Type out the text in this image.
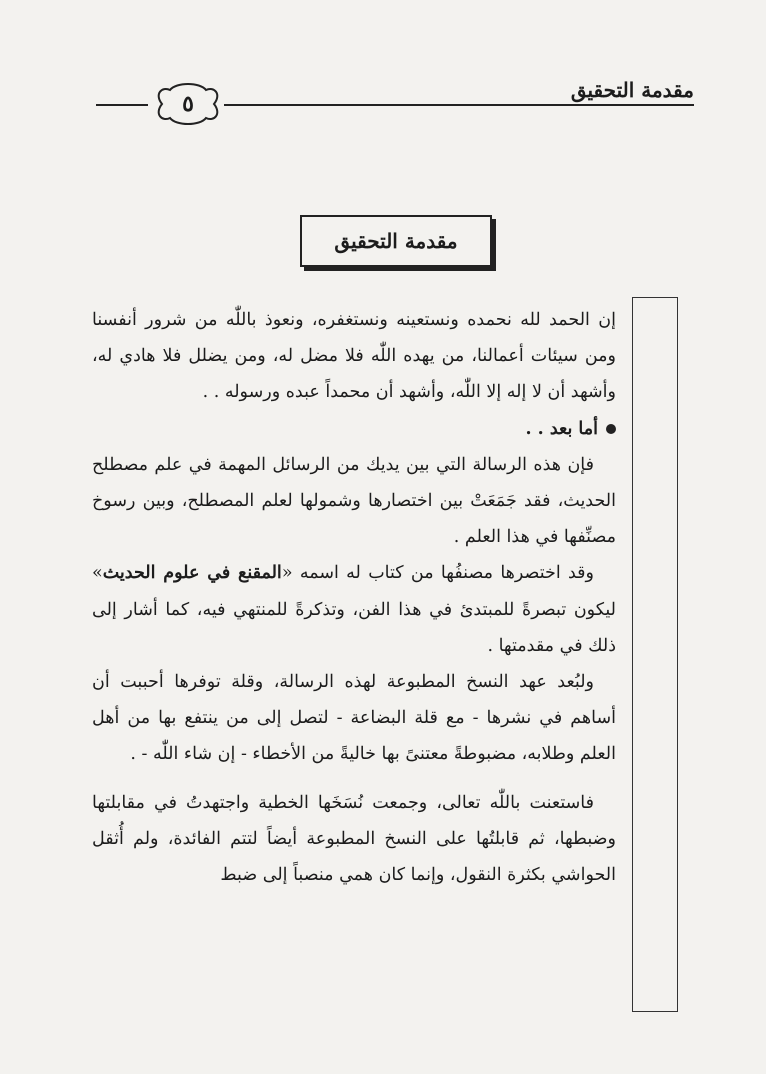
٥
مقدمة التحقيق
مقدمة التحقيق

إن الحمد لله نحمده ونستعينه ونستغفره، ونعوذ باللّٰه من شرور أنفسنا ومن سيئات أعمالنا، من يهده اللّٰه فلا مضل له، ومن يضلل فلا هادي له، وأشهد أن لا إله إلا اللّٰه، وأشهد أن محمداً عبده ورسوله . .

أما بعد . .

فإن هذه الرسالة التي بين يديك من الرسائل المهمة في علم مصطلح الحديث، فقد جَمَعَتْ بين اختصارها وشمولها لعلم المصطلح، وبين رسوخ مصنِّفها في هذا العلم .

وقد اختصرها مصنفُها من كتاب له اسمه «المقنع في علوم الحديث» ليكون تبصرةً للمبتدئ في هذا الفن، وتذكرةً للمنتهي فيه، كما أشار إلى ذلك في مقدمتها .

ولبُعد عهد النسخ المطبوعة لهذه الرسالة، وقلة توفرها أحببت أن أساهم في نشرها - مع قلة البضاعة - لتصل إلى من ينتفع بها من أهل العلم وطلابه، مضبوطةً معتنىً بها خاليةً من الأخطاء - إن شاء اللّٰه - .

فاستعنت باللّٰه تعالى، وجمعت نُسَخَها الخطية واجتهدتُ في مقابلتها وضبطها، ثم قابلتُها على النسخ المطبوعة أيضاً لتتم الفائدة، ولم أُثقل الحواشي بكثرة النقول، وإنما كان همي منصباً إلى ضبط
